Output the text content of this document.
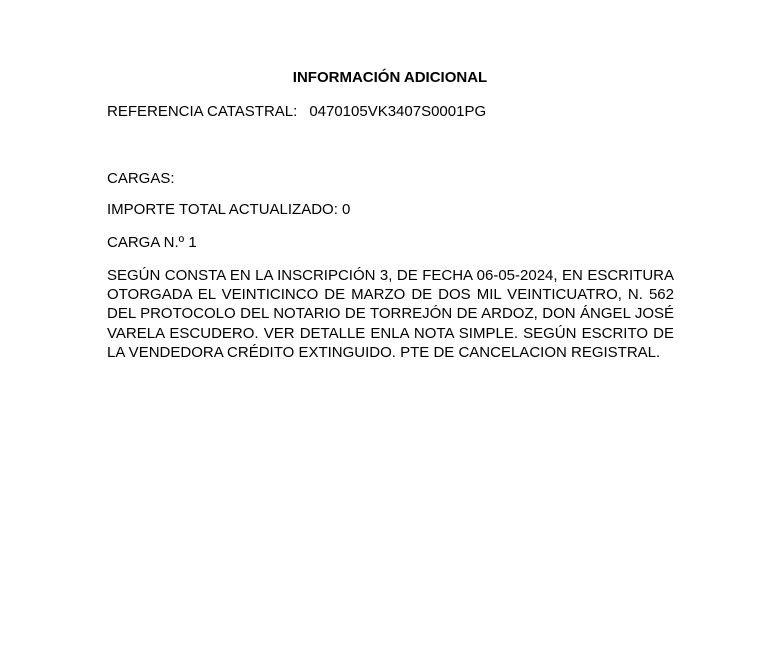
INFORMACIÓN ADICIONAL
REFERENCIA CATASTRAL: 0470105VK3407S0001PG
CARGAS:
IMPORTE TOTAL ACTUALIZADO: 0
CARGA N.º 1
SEGÚN CONSTA EN LA INSCRIPCIÓN 3, DE FECHA 06-05-2024, EN ESCRITURA OTORGADA EL VEINTICINCO DE MARZO DE DOS MIL VEINTICUATRO, N. 562 DEL PROTOCOLO DEL NOTARIO DE TORREJÓN DE ARDOZ, DON ÁNGEL JOSÉ VARELA ESCUDERO. VER DETALLE ENLA NOTA SIMPLE. SEGÚN ESCRITO DE LA VENDEDORA CRÉDITO EXTINGUIDO. PTE DE CANCELACION REGISTRAL.
